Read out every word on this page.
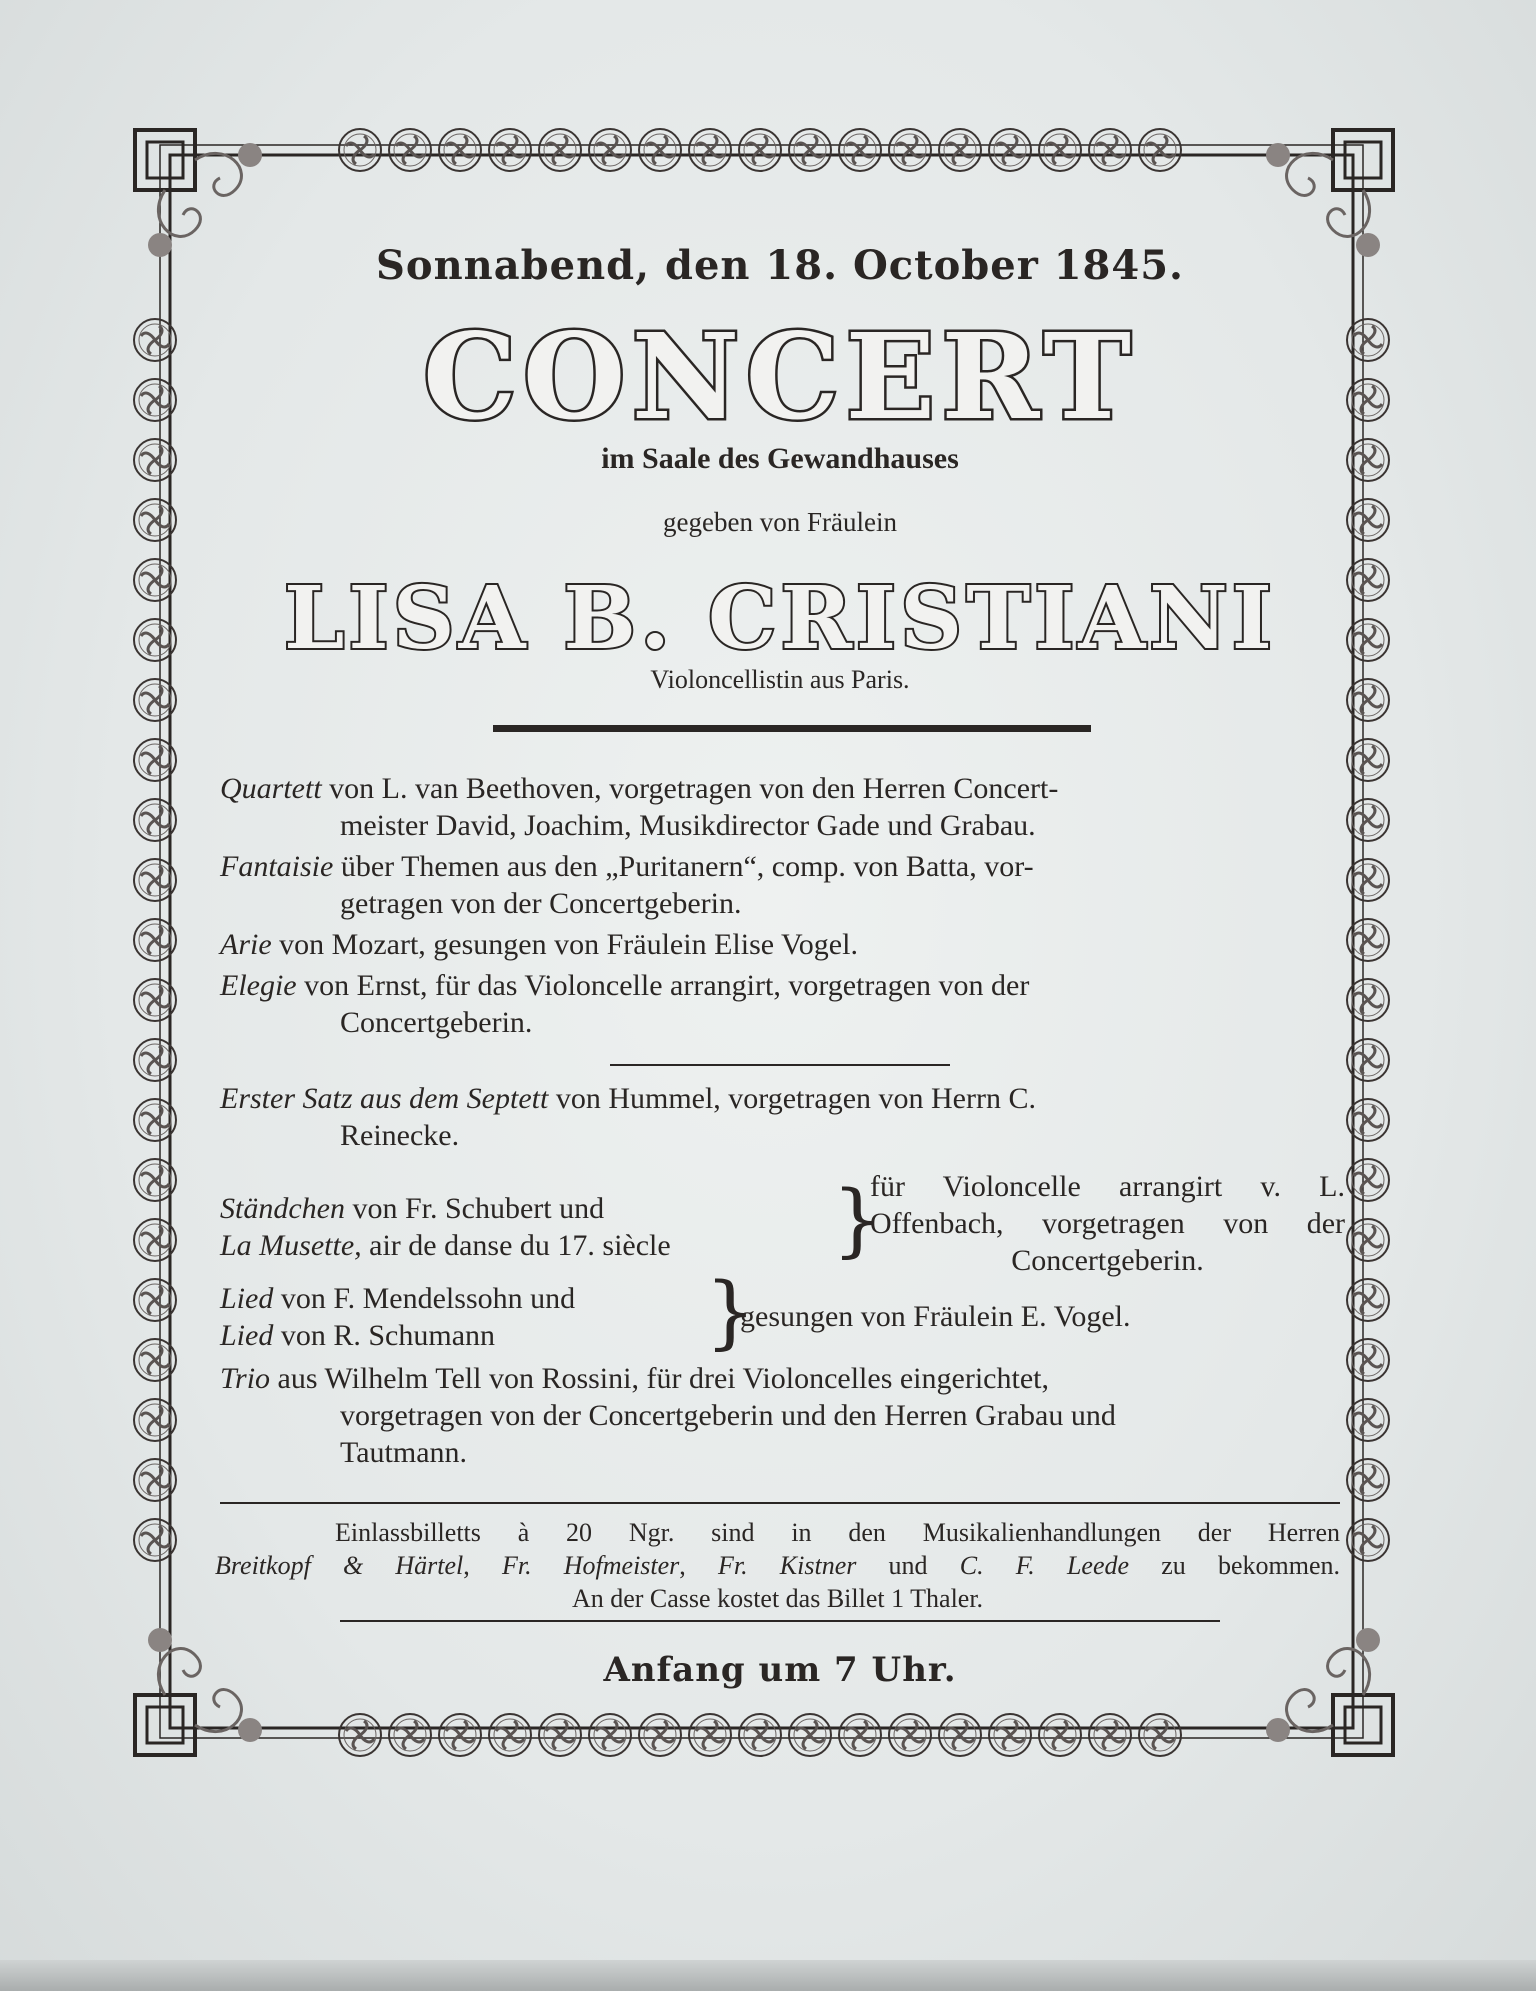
Sonnabend, den 18. October 1845.
CONCERT
im Saale des Gewandhauses
gegeben von Fräulein
LISA B. CRISTIANI
Violoncellistin aus Paris.

Quartett von L. van Beethoven, vorgetragen von den Herren Concert-
meister David, Joachim, Musikdirector Gade und Grabau.

Fantaisie über Themen aus den „Puritanern“, comp. von Batta, vor-
getragen von der Concertgeberin.

Arie von Mozart, gesungen von Fräulein Elise Vogel.

Elegie von Ernst, für das Violoncelle arrangirt, vorgetragen von der
Concertgeberin.

Erster Satz aus dem Septett von Hummel, vorgetragen von Herrn C.
Reinecke.

Ständchen von Fr. Schubert und
La Musette, air de danse du 17. siècle	}
für Violoncelle arrangirt v. L.
Offenbach, vorgetragen von der
Concertgeberin.
Lied von F. Mendelssohn und
Lied von R. Schumann	}
gesungen von Fräulein E. Vogel.

Trio aus Wilhelm Tell von Rossini, für drei Violoncelles eingerichtet,
vorgetragen von der Concertgeberin und den Herren Grabau und
Tautmann.

Einlassbilletts à 20 Ngr. sind in den Musikalienhandlungen der Herren
Breitkopf & Härtel, Fr. Hofmeister, Fr. Kistner und C. F. Leede zu bekommen.
An der Casse kostet das Billet 1 Thaler.
Anfang um 7 Uhr.
